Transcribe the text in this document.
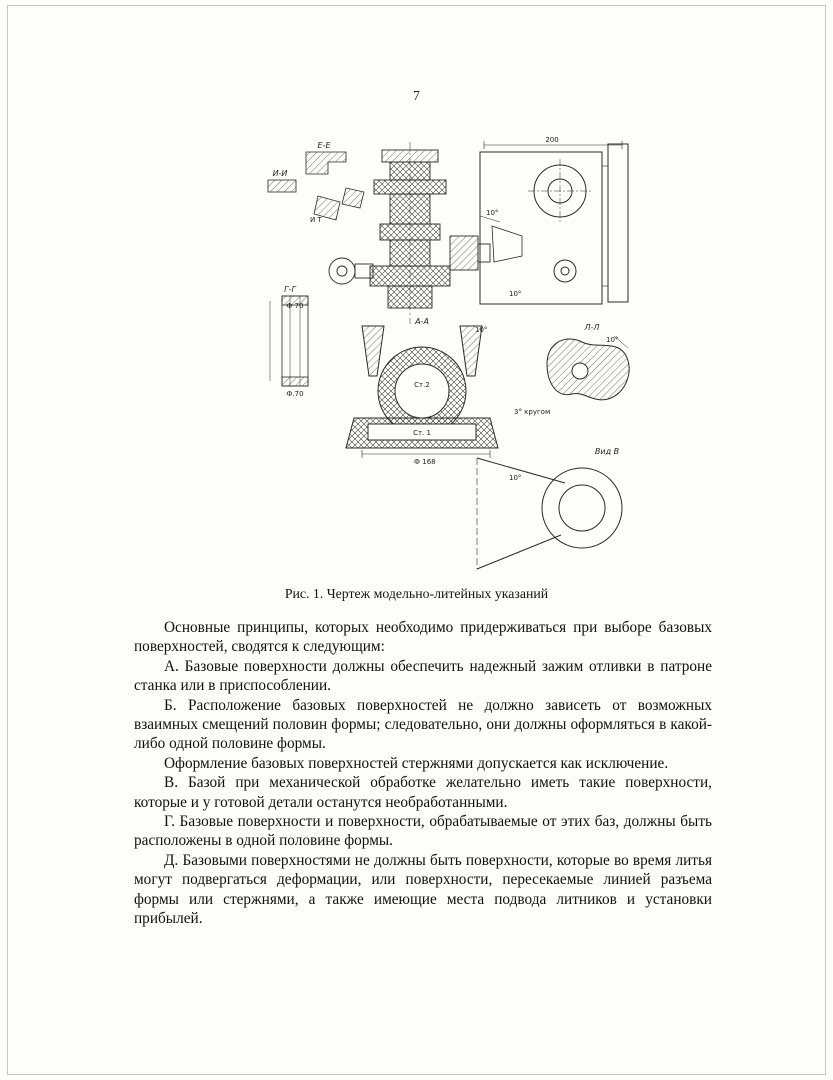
7
200
10°
10°
Е-Е
И-И
И Т
Г-Г
Ф 70
Ф.70
А-А
Ст.2
Ст. 1
10°
3° кругом
Ф 168
Л-Л
10°
Вид В
10°
Рис. 1. Чертеж модельно-литейных указаний

Основные принципы, которых необходимо придерживаться при выборе базовых поверхностей, сводятся к следующим:

А. Базовые поверхности должны обеспечить надежный зажим отливки в патроне станка или в приспособлении.

Б. Расположение базовых поверхностей не должно зависеть от возможных взаимных смещений половин формы; следовательно, они должны оформляться в какой-либо одной половине формы.

Оформление базовых поверхностей стержнями допускается как исключение.

В. Базой при механической обработке желательно иметь такие поверхности, которые и у готовой детали останутся необработанными.

Г. Базовые поверхности и поверхности, обрабатываемые от этих баз, должны быть расположены в одной половине формы.

Д. Базовыми поверхностями не должны быть поверхности, которые во время литья могут подвергаться деформации, или поверхности, пересекаемые линией разъема формы или стержнями, а также имеющие места подвода литников и установки прибылей.
